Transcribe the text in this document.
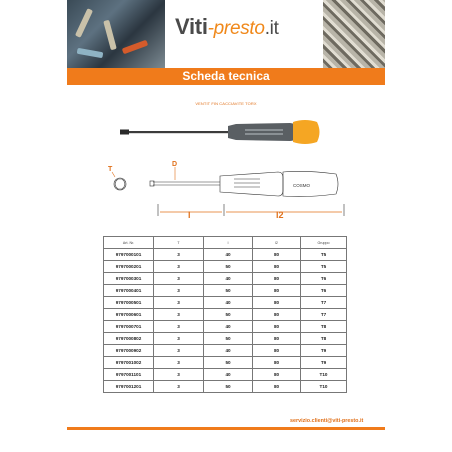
Viti-presto.it
Scheda tecnica
VENTIT FIN CACCIAVITE TORX
T
D
COSMO
l	l2
Art. Nr.	T	l	l2	Gruppo
9797000101	3	40	80	T5
9797000201	3	50	80	T5
9797000301	3	40	80	T6
9797000401	3	50	80	T6
9797000501	3	40	80	T7
9797000601	3	50	80	T7
9797000701	3	40	80	T8
9797000802	3	50	80	T8
9797000902	3	40	80	T9
9797001002	3	50	80	T9
9797001101	3	40	80	T10
9797001201	3	50	80	T10
servizio.clienti@viti-presto.it
